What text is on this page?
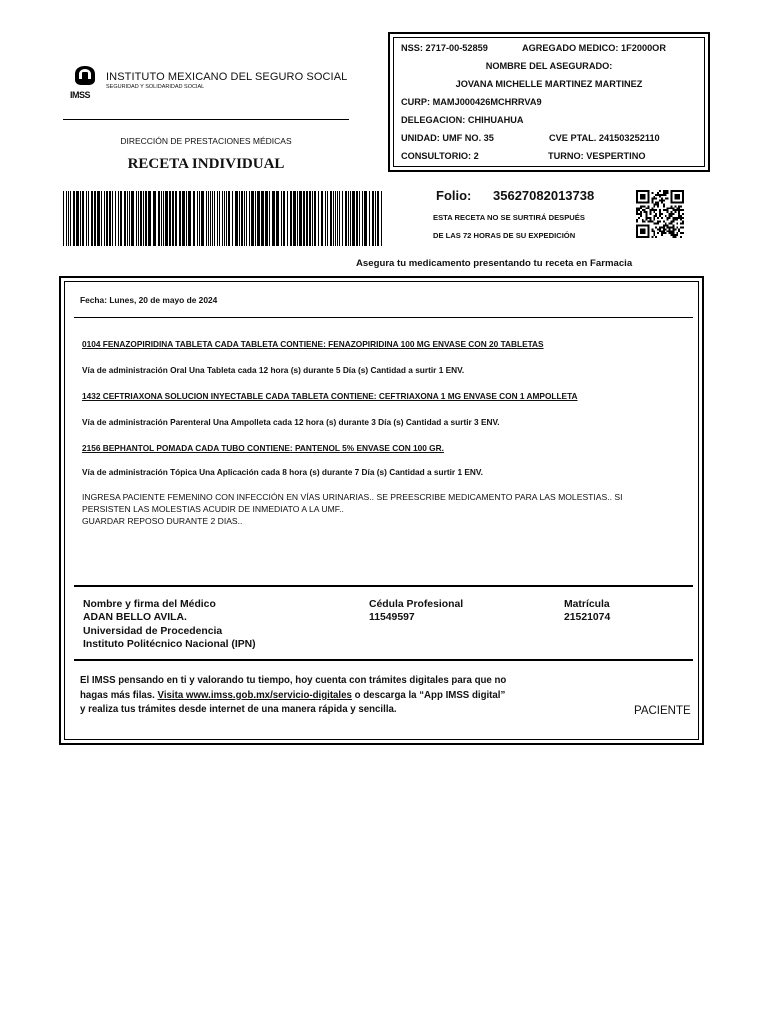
IMSS
INSTITUTO MEXICANO DEL SEGURO SOCIAL
SEGURIDAD Y SOLIDARIDAD SOCIAL
DIRECCIÓN DE PRESTACIONES MÉDICAS
RECETA INDIVIDUAL
NSS: 2717-00-52859	AGREGADO MEDICO: 1F2000OR
NOMBRE DEL ASEGURADO:
JOVANA MICHELLE MARTINEZ MARTINEZ
CURP: MAMJ000426MCHRRVA9
DELEGACION: CHIHUAHUA
UNIDAD: UMF NO. 35	CVE PTAL. 241503252110
CONSULTORIO: 2	TURNO: VESPERTINO
Folio: 35627082013738
ESTA RECETA NO SE SURTIRÁ DESPUÉS
DE LAS 72 HORAS DE SU EXPEDICIÓN
Asegura tu medicamento presentando tu receta en Farmacia
Fecha: Lunes, 20 de mayo de 2024
0104 FENAZOPIRIDINA TABLETA CADA TABLETA CONTIENE: FENAZOPIRIDINA 100 MG ENVASE CON 20 TABLETAS
Vía de administración Oral Una Tableta cada 12 hora (s) durante 5 Día (s) Cantidad a surtir 1 ENV.
1432 CEFTRIAXONA SOLUCION INYECTABLE CADA TABLETA CONTIENE: CEFTRIAXONA 1 MG ENVASE CON 1 AMPOLLETA
Vía de administración Parenteral Una Ampolleta cada 12 hora (s) durante 3 Día (s) Cantidad a surtir 3 ENV.
2156 BEPHANTOL POMADA CADA TUBO CONTIENE: PANTENOL 5% ENVASE CON 100 GR.
Vía de administración Tópica Una Aplicación cada 8 hora (s) durante 7 Día (s) Cantidad a surtir 1 ENV.
INGRESA PACIENTE FEMENINO CON INFECCIÓN EN VÍAS URINARIAS.. SE PREESCRIBE MEDICAMENTO PARA LAS MOLESTIAS.. SI
PERSISTEN LAS MOLESTIAS ACUDIR DE INMEDIATO A LA UMF..
GUARDAR REPOSO DURANTE 2 DIAS..
Nombre y firma del Médico
ADAN BELLO AVILA.
Universidad de Procedencia
Instituto Politécnico Nacional (IPN)
Cédula Profesional
11549597
Matrícula
21521074
El IMSS pensando en ti y valorando tu tiempo, hoy cuenta con trámites digitales para que no
hagas más filas. Visita www.imss.gob.mx/servicio-digitales o descarga la “App IMSS digital”
y realiza tus trámites desde internet de una manera rápida y sencilla.	PACIENTE
